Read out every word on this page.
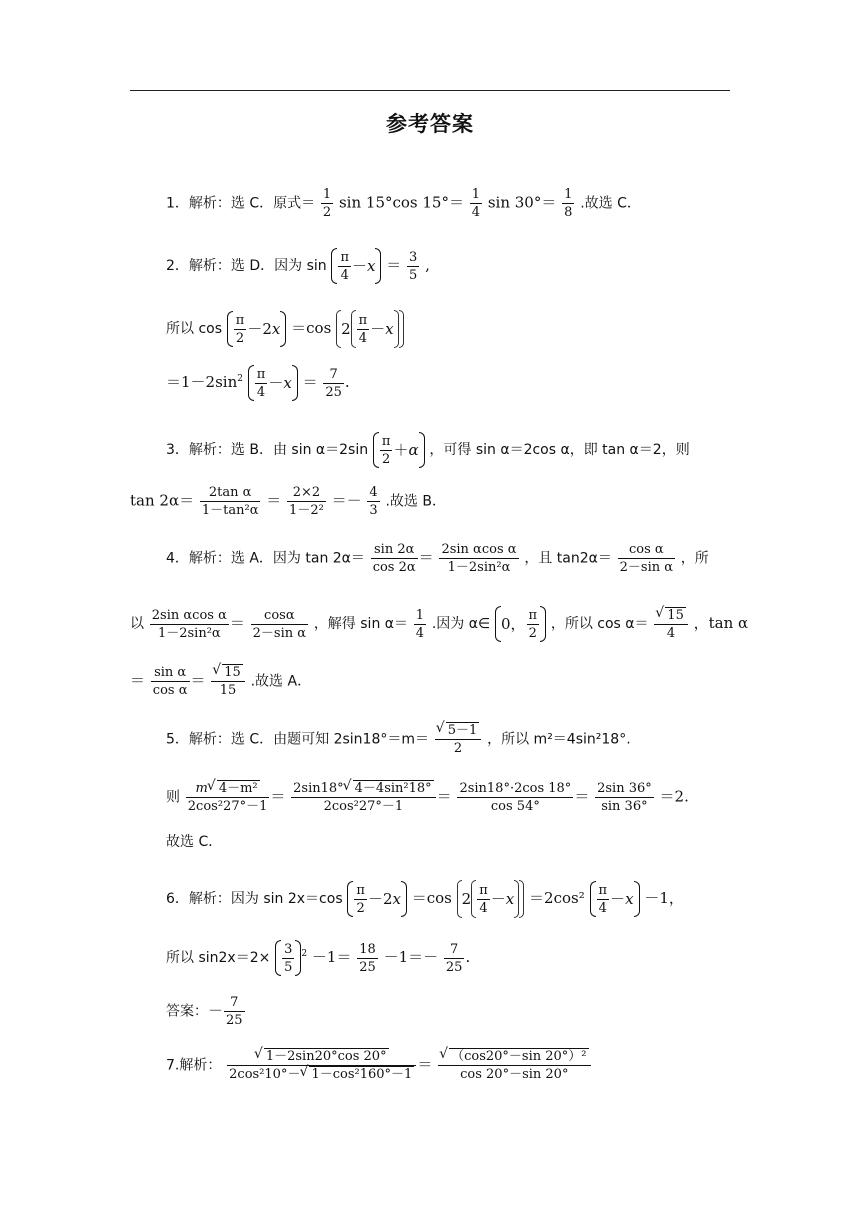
参考答案
1．解析：选 C．原式＝ $\frac{1}{2}$ sin 15°cos $15^\circ= \frac{1}{4}$ $\sin 30^\circ= \frac{1}{8}$ .故选 C．
2．解析：选 D．因为 $\sin \frac{\pi}{4} -x = \frac{3}{5}$ ,
所以 $\cos \frac{\pi}{2} -2x =\cos$ $2 \frac{\pi}{4} -x$
$=1-2\sin^2 \frac{\pi}{4} -x = \frac{7}{25}$ .
3．解析：选 B．由 $\sin \alpha=2\sin \frac{\pi}{2} +\alpha$ ，可得 sin α＝2cos α，即 tan α＝2，则
$\tan 2\alpha= \frac{\text{2tan α}}{\text{1－tan²α}} = \frac{2\times 2}{\text{1－2²}} =- \frac{4}{3}$ .故选 B．
4．解析：选 A．因为 $\tan 2\alpha= \frac{\sin 2\alpha}{\cos 2\alpha} = \frac{\text{2sin αcos α}}{\text{1－2sin²α}}$ ，且 $\tan 2\alpha= \frac{\text{cos α}}{\text{2－sin α}}$ ，所
以 $\frac{\text{2sin αcos α}}{\text{1－2sin²α}} = \frac{\cos\alpha}{\text{2－sin α}}$ ，解得 $\sin \alpha= \frac{1}{4}$ .因为 α∈ 0， $\frac{\pi}{2}$ ，所以 cos α＝ √ $\frac{15}{4}$ ，tan α
＝ $\frac{\text{sin α}}{\text{cos α}}$ ＝ √ $\frac{15}{15}$ .故选 A．
5．解析：选 C．由题可知 2sin18°＝m＝ √ $\frac{5-1}{2}$ ，所以 m²＝4sin²18°.
则 $\frac{\text{m √ 4－m²}}{\text{2cos²27°－1}} = \frac{\text{2sin18° √ 4－4sin²18°}}{\text{2cos²27°－1}} = \frac{2\sin 18^\circ\cdot 2\cos 18^\circ}{\cos 54^\circ} = \frac{2\sin 36^\circ}{\sin 36^\circ} =2$.
故选 C．
6．解析：因为 $\sin 2x=\cos \frac{\pi}{2} -2x =\cos$ $2 \frac{\pi}{4} -x =2\cos^2 \frac{\pi}{4} -x -1$，
所以 $\sin 2x=2\times \frac{3}{5} ^2 -1= \frac{18}{25} -1=- \frac{7}{25}$ .
答案：－ $\frac{7}{25}$
7.解析： √ $\frac{1-2\sin 20^\circ\cos 20^\circ}{\text{2cos²10°－ √ 1－cos²160°－1}}$ ＝ √ $\frac{\text{（cos20°－sin 20°）²}}{\cos 20^\circ-\sin 20^\circ}$
